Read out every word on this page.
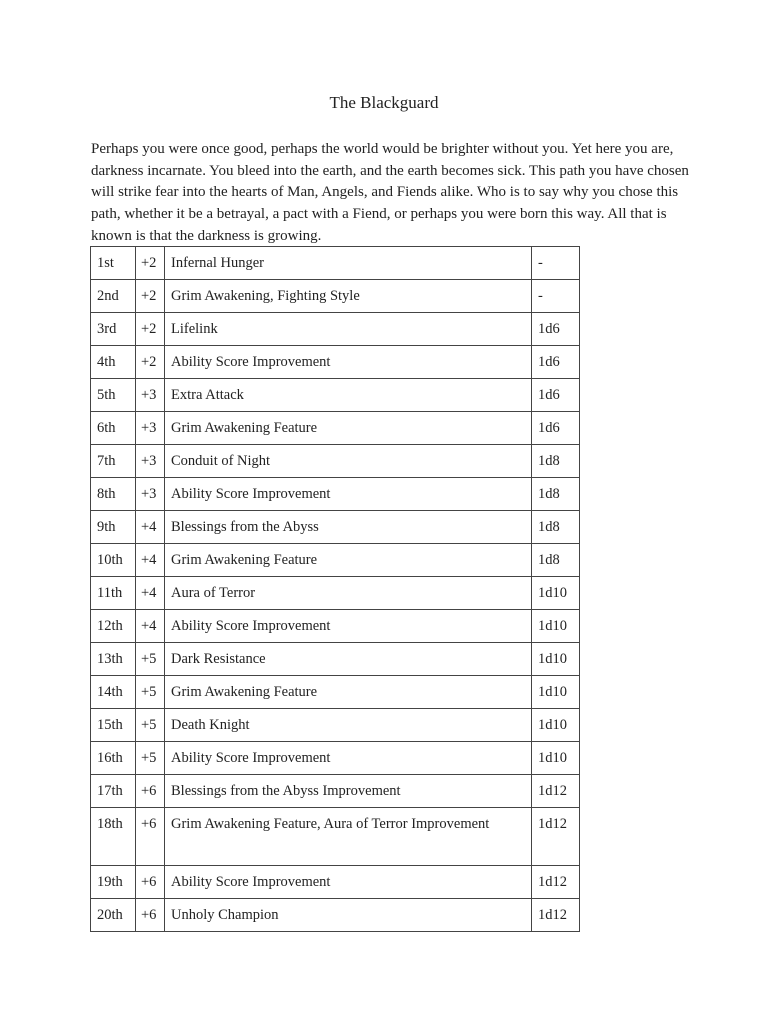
The Blackguard

Perhaps you were once good, perhaps the world would be brighter without you. Yet here you are, darkness incarnate. You bleed into the earth, and the earth becomes sick. This path you have chosen will strike fear into the hearts of Man, Angels, and Fiends alike. Who is to say why you chose this path, whether it be a betrayal, a pact with a Fiend, or perhaps you were born this way. All that is known is that the darkness is growing.

1st	+2	Infernal Hunger	-
2nd	+2	Grim Awakening, Fighting Style	-
3rd	+2	Lifelink	1d6
4th	+2	Ability Score Improvement	1d6
5th	+3	Extra Attack	1d6
6th	+3	Grim Awakening Feature	1d6
7th	+3	Conduit of Night	1d8
8th	+3	Ability Score Improvement	1d8
9th	+4	Blessings from the Abyss	1d8
10th	+4	Grim Awakening Feature	1d8
11th	+4	Aura of Terror	1d10
12th	+4	Ability Score Improvement	1d10
13th	+5	Dark Resistance	1d10
14th	+5	Grim Awakening Feature	1d10
15th	+5	Death Knight	1d10
16th	+5	Ability Score Improvement	1d10
17th	+6	Blessings from the Abyss Improvement	1d12
18th	+6	Grim Awakening Feature, Aura of Terror Improvement	1d12
19th	+6	Ability Score Improvement	1d12
20th	+6	Unholy Champion	1d12
